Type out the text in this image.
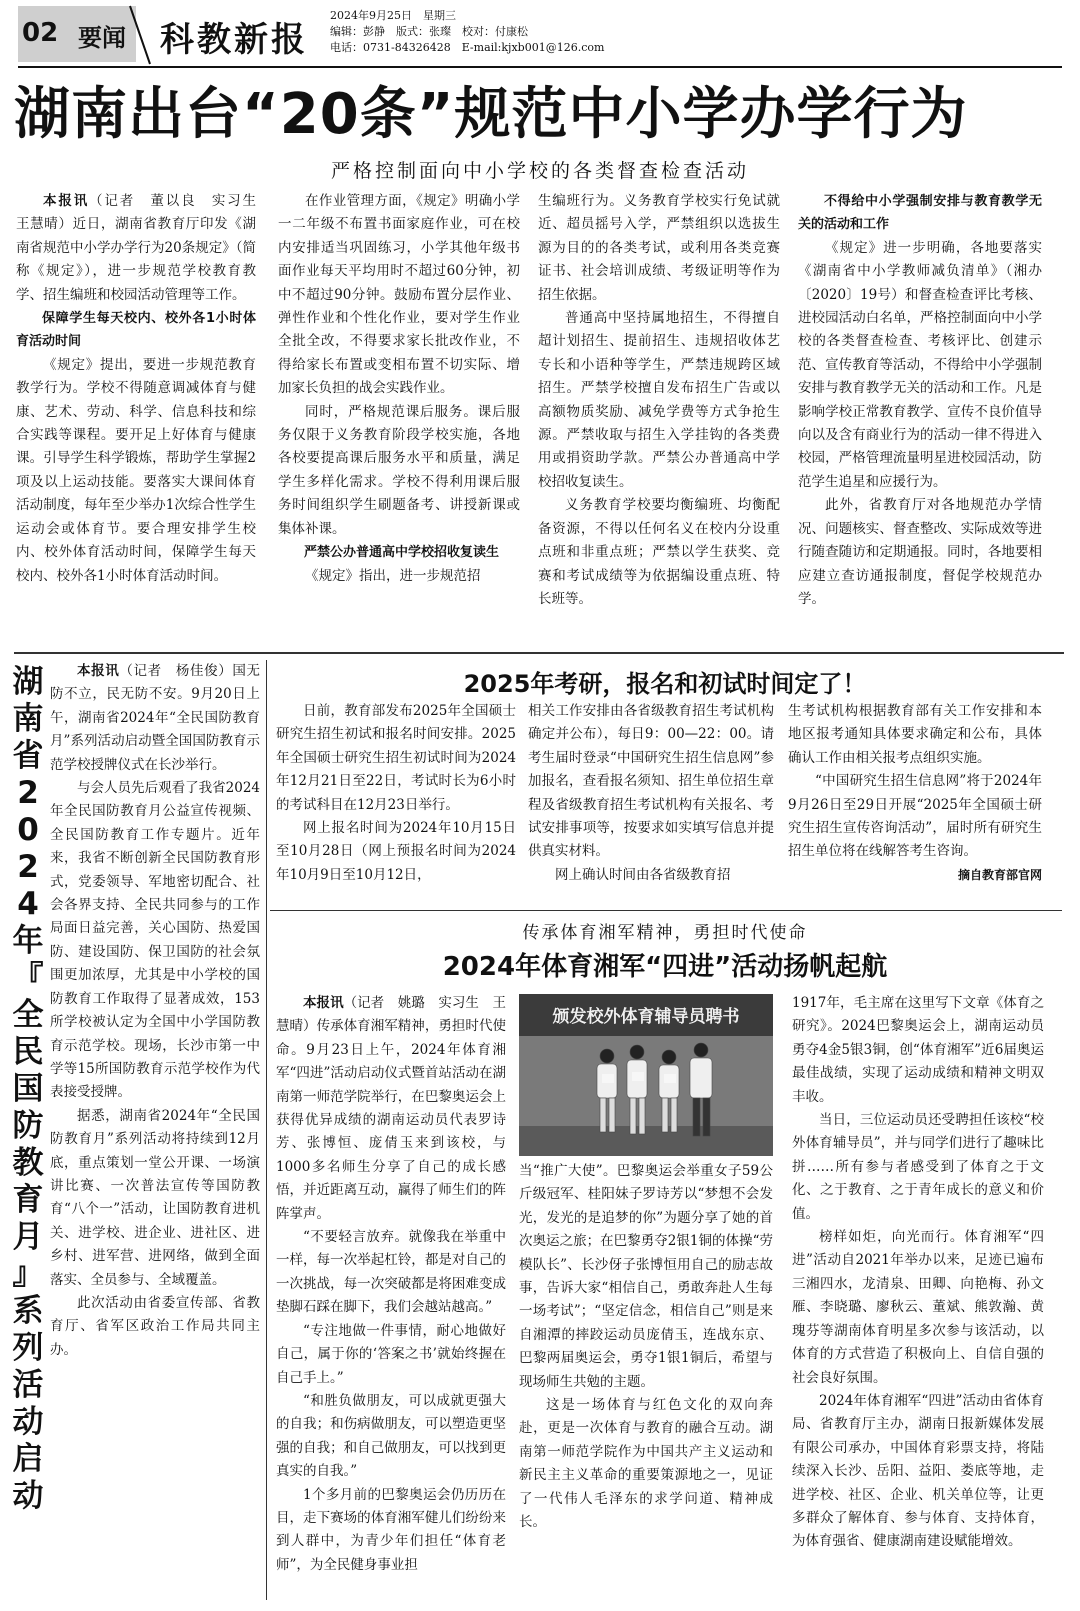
02 要闻 科教新报
2024年9月25日　星期三
编辑：彭静　版式：张璨　校对：付康松
电话：0731-84326428　E-mail:kjxb001@126.com
湖南出台“20条”规范中小学办学行为
严格控制面向中小学校的各类督查检查活动

本报讯（记者　董以良　实习生　王慧晴）近日，湖南省教育厅印发《湖南省规范中小学办学行为20条规定》（简称《规定》），进一步规范学校教育教学、招生编班和校园活动管理等工作。

保障学生每天校内、校外各1小时体育活动时间

《规定》提出，要进一步规范教育教学行为。学校不得随意调减体育与健康、艺术、劳动、科学、信息科技和综合实践等课程。要开足上好体育与健康课。引导学生科学锻炼，帮助学生掌握2项及以上运动技能。要落实大课间体育活动制度，每年至少举办1次综合性学生运动会或体育节。要合理安排学生校内、校外体育活动时间，保障学生每天校内、校外各1小时体育活动时间。

在作业管理方面，《规定》明确小学一二年级不布置书面家庭作业，可在校内安排适当巩固练习，小学其他年级书面作业每天平均用时不超过60分钟，初中不超过90分钟。鼓励布置分层作业、弹性作业和个性化作业，要对学生作业全批全改，不得要求家长批改作业，不得给家长布置或变相布置不切实际、增加家长负担的战会实践作业。

同时，严格规范课后服务。课后服务仅限于义务教育阶段学校实施，各地各校要提高课后服务水平和质量，满足学生多样化需求。学校不得利用课后服务时间组织学生刷题备考、讲授新课或集体补课。

严禁公办普通高中学校招收复读生

《规定》指出，进一步规范招

生编班行为。义务教育学校实行免试就近、超员摇号入学，严禁组织以选拔生源为目的的各类考试，或利用各类竞赛证书、社会培训成绩、考级证明等作为招生依据。

普通高中坚持属地招生，不得擅自超计划招生、提前招生、违规招收体艺专长和小语种等学生，严禁违规跨区域招生。严禁学校擅自发布招生广告或以高额物质奖励、减免学费等方式争抢生源。严禁收取与招生入学挂钩的各类费用或捐资助学款。严禁公办普通高中学校招收复读生。

义务教育学校要均衡编班、均衡配备资源，不得以任何名义在校内分设重点班和非重点班；严禁以学生获奖、竞赛和考试成绩等为依据编设重点班、特长班等。

不得给中小学强制安排与教育教学无关的活动和工作

《规定》进一步明确，各地要落实《湖南省中小学教师减负清单》（湘办〔2020〕19号）和督查检查评比考核、进校园活动白名单，严格控制面向中小学校的各类督查检查、考核评比、创建示范、宣传教育等活动，不得给中小学强制安排与教育教学无关的活动和工作。凡是影响学校正常教育教学、宣传不良价值导向以及含有商业行为的活动一律不得进入校园，严格管理流量明星进校园活动，防范学生追星和应援行为。

此外，省教育厅对各地规范办学情况、问题核实、督查整改、实际成效等进行随查随访和定期通报。同时，各地要相应建立查访通报制度，督促学校规范办学。

湖
南
省
2
0
2
4
年
『
全
民
国
防
教
育
月
』
系
列
活
动
启
动

本报讯（记者　杨佳俊）国无防不立，民无防不安。9月20日上午，湖南省2024年“全民国防教育月”系列活动启动暨全国国防教育示范学校授牌仪式在长沙举行。

与会人员先后观看了我省2024年全民国防教育月公益宣传视频、全民国防教育工作专题片。近年来，我省不断创新全民国防教育形式，党委领导、军地密切配合、社会各界支持、全民共同参与的工作局面日益完善，关心国防、热爱国防、建设国防、保卫国防的社会氛围更加浓厚，尤其是中小学校的国防教育工作取得了显著成效，153所学校被认定为全国中小学国防教育示范学校。现场，长沙市第一中学等15所国防教育示范学校作为代表接受授牌。

据悉，湖南省2024年“全民国防教育月”系列活动将持续到12月底，重点策划一堂公开课、一场演讲比赛、一次普法宣传等国防教育“八个一”活动，让国防教育进机关、进学校、进企业、进社区、进乡村、进军营、进网络，做到全面落实、全员参与、全域覆盖。

此次活动由省委宣传部、省教育厅、省军区政治工作局共同主办。

2025年考研，报名和初试时间定了！

日前，教育部发布2025年全国硕士研究生招生初试和报名时间安排。2025年全国硕士研究生招生初试时间为2024年12月21日至22日，考试时长为6小时的考试科目在12月23日举行。

网上报名时间为2024年10月15日至10月28日（网上预报名时间为2024年10月9日至10月12日，

相关工作安排由各省级教育招生考试机构确定并公布），每日9：00—22：00。请考生届时登录“中国研究生招生信息网”参加报名，查看报名须知、招生单位招生章程及省级教育招生考试机构有关报名、考试安排事项等，按要求如实填写信息并提供真实材料。

网上确认时间由各省级教育招

生考试机构根据教育部有关工作安排和本地区报考通知具体要求确定和公布，具体确认工作由相关报考点组织实施。

“中国研究生招生信息网”将于2024年9月26日至29日开展“2025年全国硕士研究生招生宣传咨询活动”，届时所有研究生招生单位将在线解答考生咨询。

摘自教育部官网

传承体育湘军精神，勇担时代使命
2024年体育湘军“四进”活动扬帆起航

本报讯（记者　姚璐　实习生　王慧晴）传承体育湘军精神，勇担时代使命。9月23日上午，2024年体育湘军“四进”活动启动仪式暨首站活动在湖南第一师范学院举行，在巴黎奥运会上获得优异成绩的湖南运动员代表罗诗芳、张博恒、庞倩玉来到该校，与1000多名师生分享了自己的成长感悟，并近距离互动，赢得了师生们的阵阵掌声。

“不要轻言放弃。就像我在举重中一样，每一次举起杠铃，都是对自己的一次挑战，每一次突破都是将困难变成垫脚石踩在脚下，我们会越站越高。”

“专注地做一件事情，耐心地做好自己，属于你的‘答案之书’就始终握在自己手上。”

“和胜负做朋友，可以成就更强大的自我；和伤病做朋友，可以塑造更坚强的自我；和自己做朋友，可以找到更真实的自我。”

1个多月前的巴黎奥运会仍历历在目，走下赛场的体育湘军健儿们纷纷来到人群中，为青少年们担任“体育老师”，为全民健身事业担

颁发校外体育辅导员聘书

当“推广大使”。巴黎奥运会举重女子59公斤级冠军、桂阳妹子罗诗芳以“梦想不会发光，发光的是追梦的你”为题分享了她的首次奥运之旅；在巴黎勇夺2银1铜的体操“劳模队长”、长沙伢子张博恒用自己的励志故事，告诉大家“相信自己，勇敢奔赴人生每一场考试”；“坚定信念，相信自己”则是来自湘潭的摔跤运动员庞倩玉，连战东京、巴黎两届奥运会，勇夺1银1铜后，希望与现场师生共勉的主题。

这是一场体育与红色文化的双向奔赴，更是一次体育与教育的融合互动。湖南第一师范学院作为中国共产主义运动和新民主主义革命的重要策源地之一，见证了一代伟人毛泽东的求学问道、精神成长。

1917年，毛主席在这里写下文章《体育之研究》。2024巴黎奥运会上，湖南运动员勇夺4金5银3铜，创“体育湘军”近6届奥运最佳战绩，实现了运动成绩和精神文明双丰收。

当日，三位运动员还受聘担任该校“校外体育辅导员”，并与同学们进行了趣味比拼……所有参与者感受到了体育之于文化、之于教育、之于青年成长的意义和价值。

榜样如炬，向光而行。体育湘军“四进”活动自2021年举办以来，足迹已遍布三湘四水，龙清泉、田卿、向艳梅、孙文雁、李晓璐、廖秋云、董斌、熊敦瀚、黄瑰芬等湖南体育明星多次参与该活动，以体育的方式营造了积极向上、自信自强的社会良好氛围。

2024年体育湘军“四进”活动由省体育局、省教育厅主办，湖南日报新媒体发展有限公司承办，中国体育彩票支持，将陆续深入长沙、岳阳、益阳、娄底等地，走进学校、社区、企业、机关单位等，让更多群众了解体育、参与体育、支持体育，为体育强省、健康湖南建设赋能增效。
